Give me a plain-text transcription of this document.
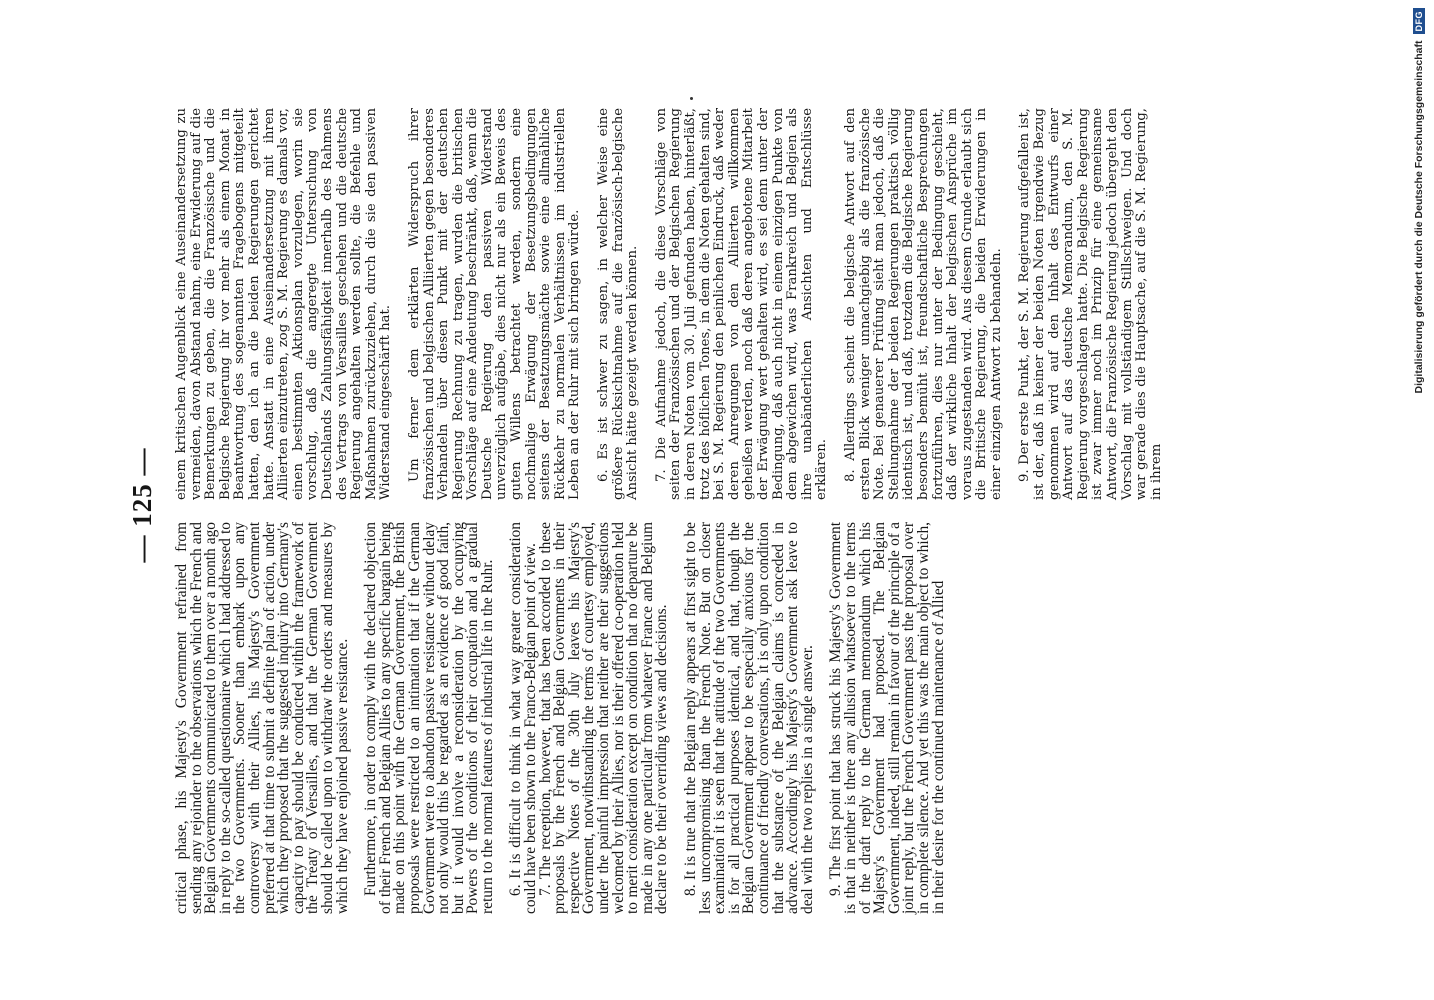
— 125 —

critical phase, his Majesty's Government refrained from sending any rejoinder to the observations which the French and Belgian Governments communicated to them over a month ago in reply to the so-called questionnaire which I had addressed to the two Governments. Sooner than embark upon any controversy with their Allies, his Majesty's Government preferred at that time to submit a definite plan of action, under which they proposed that the suggested inquiry into Germany's capacity to pay should be conducted within the framework of the Treaty of Versailles, and that the German Government should be called upon to withdraw the orders and measures by which they have enjoined passive resistance. Furthermore, in order to comply with the declared objection of their French and Belgian Allies to any specific bargain being made on this point with the German Government, the British proposals were restricted to an intimation that if the German Government were to abandon passive resistance without delay not only would this be regarded as an evidence of good faith, but it would involve a reconsideration by the occupying Powers of the conditions of their occupation and a gradual return to the normal features of industrial life in the Ruhr. 6. It is difficult to think in what way greater consideration could have been shown to the Franco-Belgian point of view.

7. The reception, however, that has been accorded to these proposals by the French and Belgian Governments in their respective Notes of the 30th July leaves his Majesty's Government, notwithstanding the terms of courtesy employed, under the painful impression that neither are their suggestions welcomed by their Allies, nor is their offered co-operation held to merit consideration except on condition that no departure be made in any one particular from whatever France and Belgium declare to be their overriding views and decisions. 8. It is true that the Belgian reply appears at first sight to be less uncompromising than the French Note. But on closer examination it is seen that the attitude of the two Governments is for all practical purposes identical, and that, though the Belgian Government appear to be especially anxious for the continuance of friendly conversations, it is only upon condition that the substance of the Belgian claims is conceded in advance. Accordingly his Majesty's Government ask leave to deal with the two replies in a single answer. 9. The first point that has struck his Majesty's Government is that in neither is there any allusion whatsoever to the terms of the draft reply to the German memorandum which his Majesty's Government had proposed. The Belgian Government, indeed, still remain in favour of the principle of a joint reply, but the French Government pass the proposal over in complete silence. And yet this was the main object to which, in their desire for the continued maintenance of Allied

einem kritischen Augenblick eine Auseinandersetzung zu vermeiden, davon Abstand nahm, eine Erwiderung auf die Bemerkungen zu geben, die die Französische und die Belgische Regierung ihr vor mehr als einem Monat in Beantwortung des sogenannten Fragebogens mitgeteilt hatten, den ich an die beiden Regierungen gerichtet hatte. Anstatt in eine Auseinandersetzung mit ihren Alliierten einzutreten, zog S. M. Regierung es damals vor, einen bestimmten Aktionsplan vorzulegen, worin sie vorschlug, daß die angeregte Untersuchung von Deutschlands Zahlungsfähigkeit innerhalb des Rahmens des Vertrags von Versailles geschehen und die deutsche Regierung angehalten werden sollte, die Befehle und Maßnahmen zurückzuziehen, durch die sie den passiven Widerstand eingeschärft hat. Um ferner dem erklärten Widerspruch ihrer französischen und belgischen Alliierten gegen besonderes Verhandeln über diesen Punkt mit der deutschen Regierung Rechnung zu tragen, wurden die britischen Vorschläge auf eine Andeutung beschränkt, daß, wenn die Deutsche Regierung den passiven Widerstand unverzüglich aufgäbe, dies nicht nur als ein Beweis des guten Willens betrachtet werden, sondern eine nochmalige Erwägung der Besetzungsbedingungen seitens der Besatzungsmächte sowie eine allmähliche Rückkehr zu normalen Verhältnissen im industriellen Leben an der Ruhr mit sich bringen würde. 6. Es ist schwer zu sagen, in welcher Weise eine größere Rücksichtnahme auf die französisch-belgische Ansicht hätte gezeigt werden können. 7. Die Aufnahme jedoch, die diese Vorschläge von seiten der Französischen und der Belgischen Regierung in deren Noten vom 30. Juli gefunden haben, hinterläßt, trotz des höflichen Tones, in dem die Noten gehalten sind, bei S. M. Regierung den peinlichen Eindruck, daß weder deren Anregungen von den Alliierten willkommen geheißen werden, noch daß deren angebotene Mitarbeit der Erwägung wert gehalten wird, es sei denn unter der Bedingung, daß auch nicht in einem einzigen Punkte von dem abgewichen wird, was Frankreich und Belgien als ihre unabänderlichen Ansichten und Entschlüsse erklären. 8. Allerdings scheint die belgische Antwort auf den ersten Blick weniger unnachgiebig als die französische Note. Bei genauerer Prüfung sieht man jedoch, daß die Stellungnahme der beiden Regierungen praktisch völlig identisch ist, und daß, trotzdem die Belgische Regierung besonders bemüht ist, freundschaftliche Besprechungen fortzuführen, dies nur unter der Bedingung geschieht, daß der wirkliche Inhalt der belgischen Ansprüche im voraus zugestanden wird. Aus diesem Grunde erlaubt sich die Britische Regierung, die beiden Erwiderungen in einer einzigen Antwort zu behandeln. 9. Der erste Punkt, der S. M. Regierung aufgefallen ist, ist der, daß in keiner der beiden Noten irgendwie Bezug genommen wird auf den Inhalt des Entwurfs einer Antwort auf das deutsche Memorandum, den S. M. Regierung vorgeschlagen hatte. Die Belgische Regierung ist zwar immer noch im Prinzip für eine gemeinsame Antwort, die Französische Regierung jedoch übergeht den Vorschlag mit vollständigem Stillschweigen. Und doch war gerade dies die Hauptsache, auf die S. M. Regierung, in ihrem

Digitalisierung gefördert durch die Deutsche Forschungsgemeinschaft
DFG
